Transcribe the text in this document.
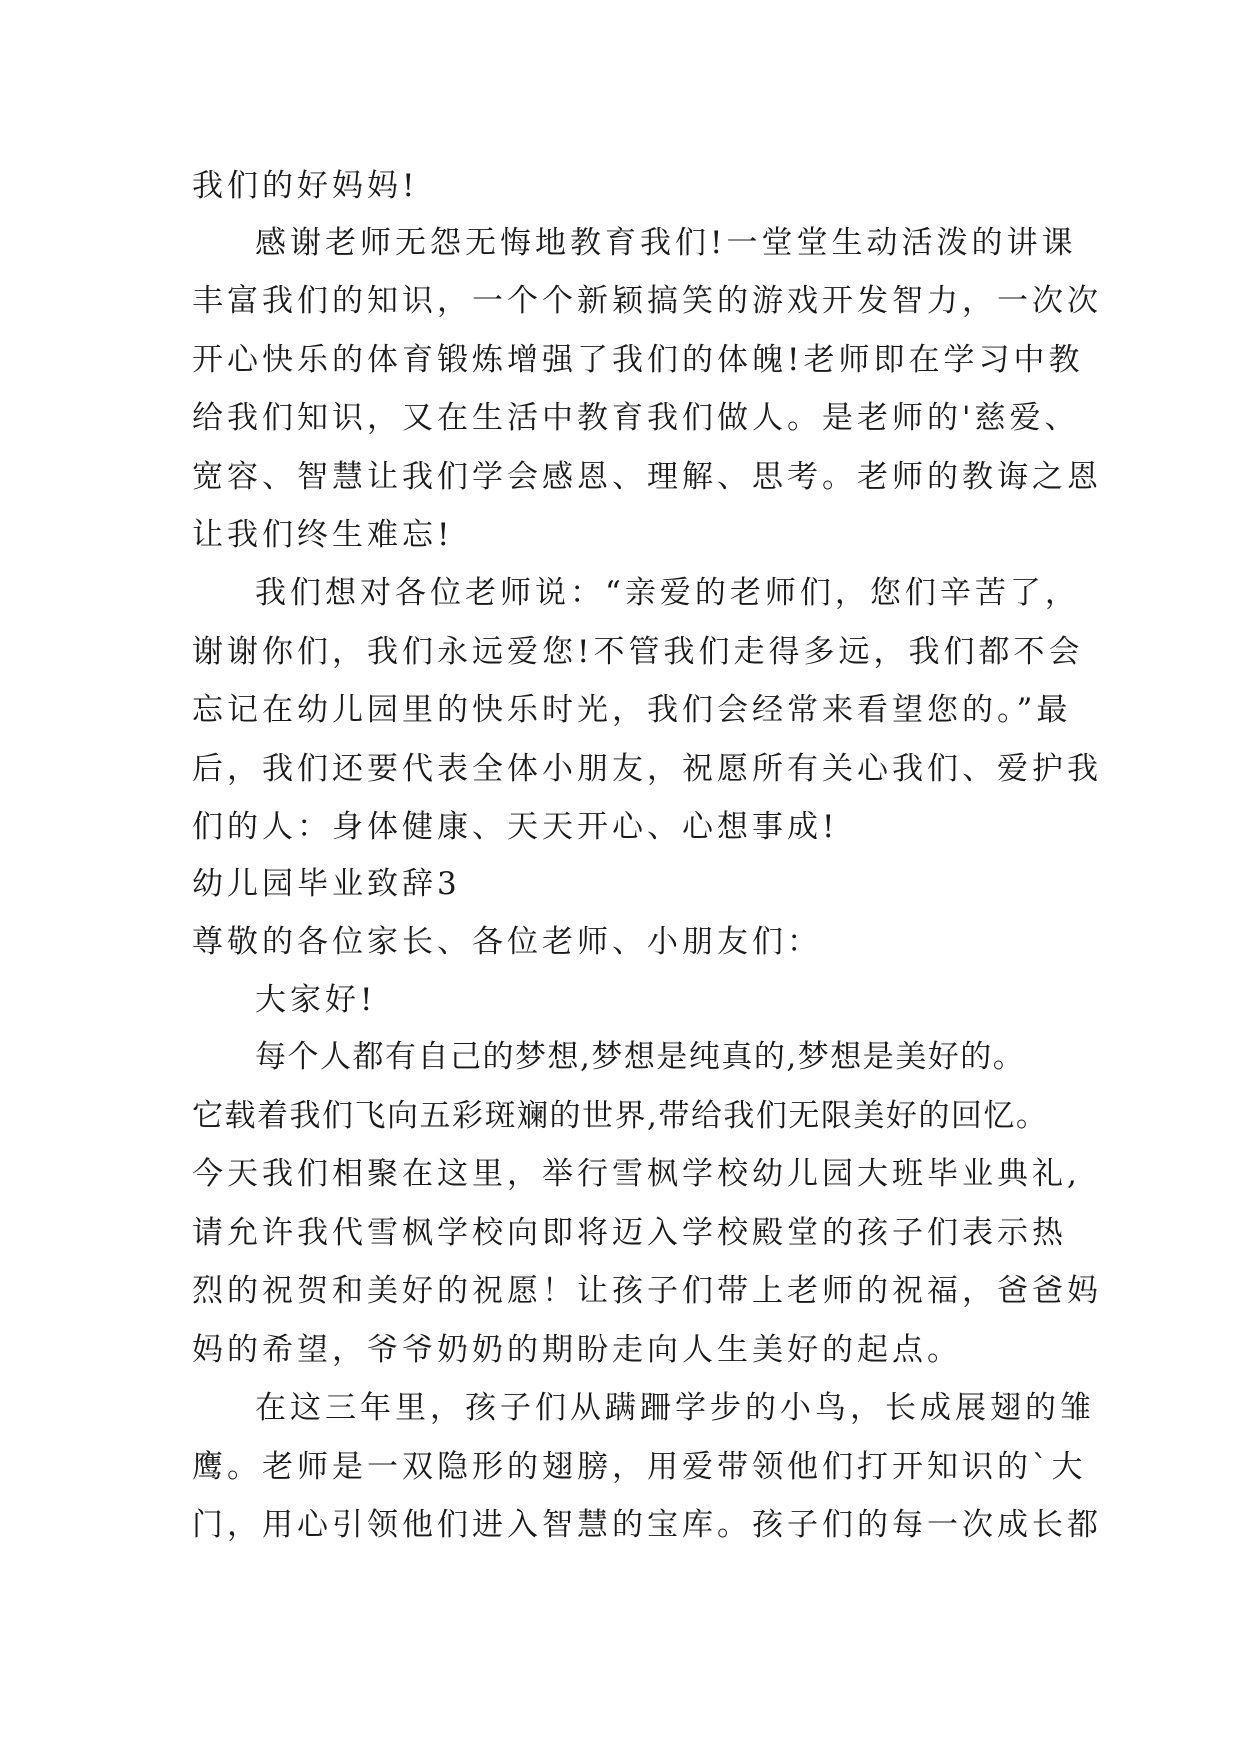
我们的好妈妈!
感谢老师无怨无悔地教育我们!一堂堂生动活泼的讲课
丰富我们的知识，一个个新颖搞笑的游戏开发智力，一次次
开心快乐的体育锻炼增强了我们的体魄!老师即在学习中教
给我们知识，又在生活中教育我们做人。是老师的'慈爱、
宽容、智慧让我们学会感恩、理解、思考。老师的教诲之恩
让我们终生难忘!
我们想对各位老师说：“亲爱的老师们，您们辛苦了，
谢谢你们，我们永远爱您!不管我们走得多远，我们都不会
忘记在幼儿园里的快乐时光，我们会经常来看望您的。”最
后，我们还要代表全体小朋友，祝愿所有关心我们、爱护我
们的人：身体健康、天天开心、心想事成!
幼儿园毕业致辞3
尊敬的各位家长、各位老师、小朋友们：
大家好!
每个人都有自己的梦想,梦想是纯真的,梦想是美好的。
它载着我们飞向五彩斑斓的世界,带给我们无限美好的回忆。
今天我们相聚在这里，举行雪枫学校幼儿园大班毕业典礼,
请允许我代雪枫学校向即将迈入学校殿堂的孩子们表示热
烈的祝贺和美好的祝愿！让孩子们带上老师的祝福，爸爸妈
妈的希望，爷爷奶奶的期盼走向人生美好的起点。
在这三年里，孩子们从蹒跚学步的小鸟，长成展翅的雏
鹰。老师是一双隐形的翅膀，用爱带领他们打开知识的`大
门，用心引领他们进入智慧的宝库。孩子们的每一次成长都
